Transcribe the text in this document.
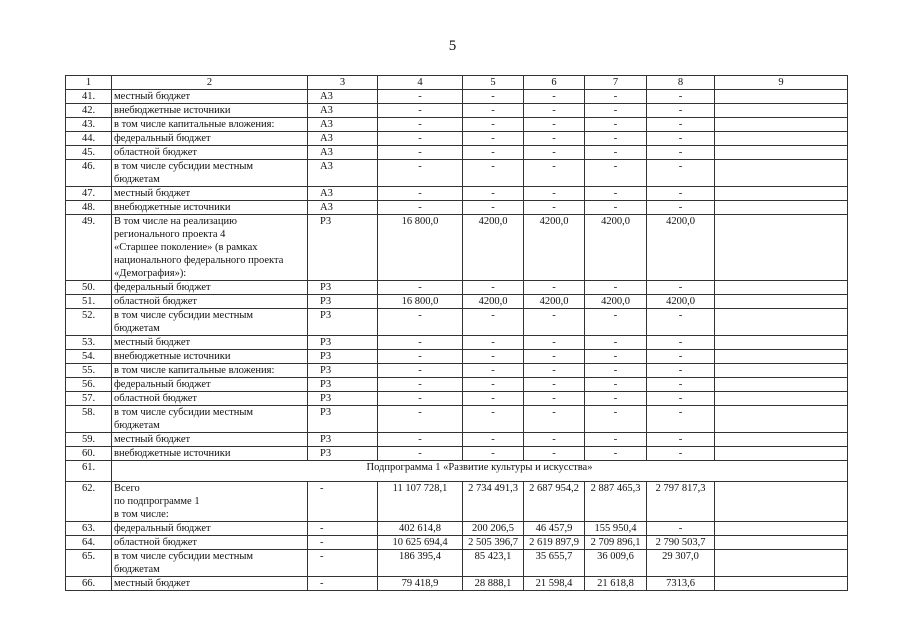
5
1	2	3	4	5	6	7	8	9
41.	местный бюджет	А3	-	-	-	-	-	
42.	внебюджетные источники	А3	-	-	-	-	-	
43.	в том числе капитальные вложения:	А3	-	-	-	-	-	
44.	федеральный бюджет	А3	-	-	-	-	-	
45.	областной бюджет	А3	-	-	-	-	-	
46.	в том числе субсидии местным
бюджетам	А3	-	-	-	-	-	
47.	местный бюджет	А3	-	-	-	-	-	
48.	внебюджетные источники	А3	-	-	-	-	-	
49.	В том числе на реализацию
регионального проекта 4
«Старшее поколение» (в рамках
национального федерального проекта
«Демография»):	Р3	16 800,0	4200,0	4200,0	4200,0	4200,0	
50.	федеральный бюджет	Р3	-	-	-	-	-	
51.	областной бюджет	Р3	16 800,0	4200,0	4200,0	4200,0	4200,0	
52.	в том числе субсидии местным
бюджетам	Р3	-	-	-	-	-	
53.	местный бюджет	Р3	-	-	-	-	-	
54.	внебюджетные источники	Р3	-	-	-	-	-	
55.	в том числе капитальные вложения:	Р3	-	-	-	-	-	
56.	федеральный бюджет	Р3	-	-	-	-	-	
57.	областной бюджет	Р3	-	-	-	-	-	
58.	в том числе субсидии местным
бюджетам	Р3	-	-	-	-	-	
59.	местный бюджет	Р3	-	-	-	-	-	
60.	внебюджетные источники	Р3	-	-	-	-	-	
61.	Подпрограмма 1 «Развитие культуры и искусства»							
62.	Всего
по подпрограмме 1
в том числе:	-	11 107 728,1	2 734 491,3	2 687 954,2	2 887 465,3	2 797 817,3	
63.	федеральный бюджет	-	402 614,8	200 206,5	46 457,9	155 950,4	-	
64.	областной бюджет	-	10 625 694,4	2 505 396,7	2 619 897,9	2 709 896,1	2 790 503,7	
65.	в том числе субсидии местным
бюджетам	-	186 395,4	85 423,1	35 655,7	36 009,6	29 307,0	
66.	местный бюджет	-	79 418,9	28 888,1	21 598,4	21 618,8	7313,6	
